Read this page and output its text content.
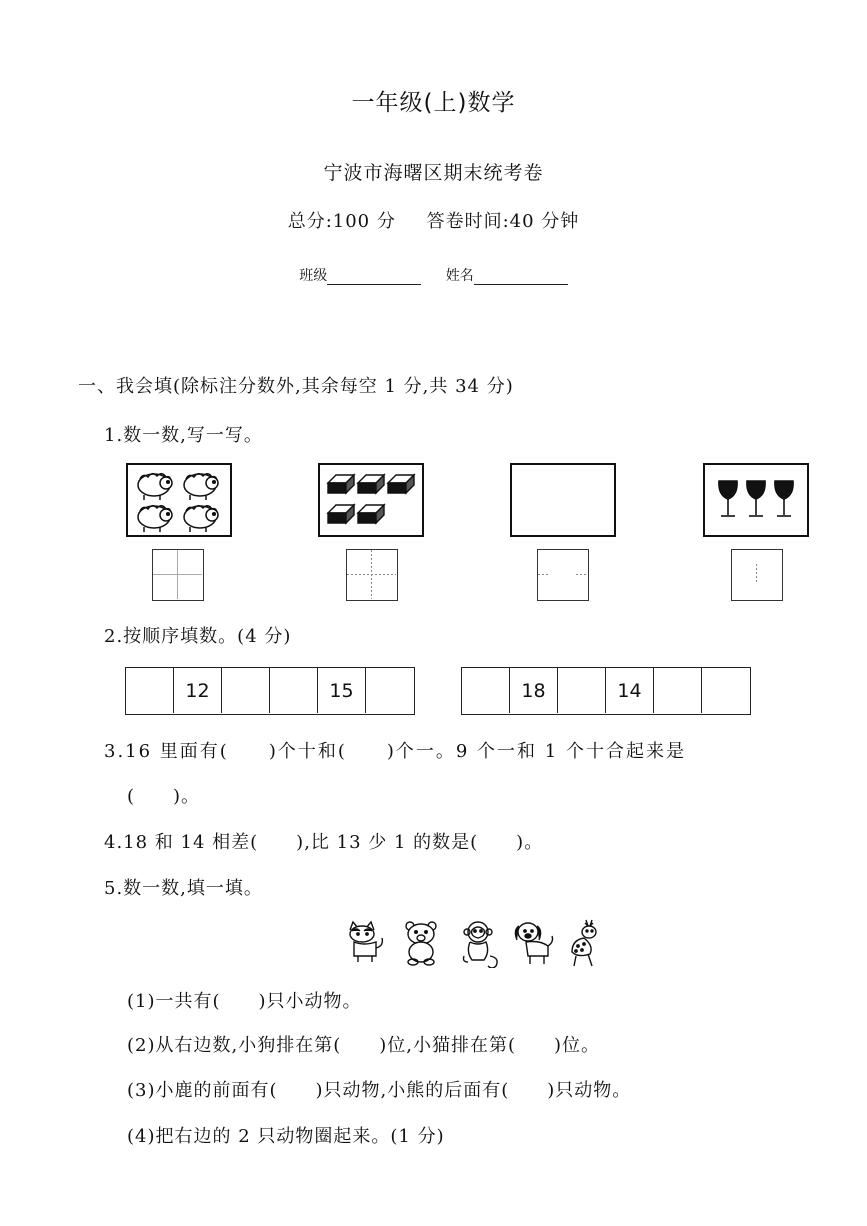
一年级(上)数学
宁波市海曙区期末统考卷
总分:100 分 答卷时间:40 分钟
班级	姓名
一、我会填(除标注分数外,其余每空 1 分,共 34 分)
1.数一数,写一写。
2.按顺序填数。(4 分)
12	15	18	14
3.16 里面有(　　)个十和(　　)个一。9 个一和 1 个十合起来是
(　　)。
4.18 和 14 相差(　　),比 13 少 1 的数是(　　)。
5.数一数,填一填。
(1)一共有(　　)只小动物。
(2)从右边数,小狗排在第(　　)位,小猫排在第(　　)位。
(3)小鹿的前面有(　　)只动物,小熊的后面有(　　)只动物。
(4)把右边的 2 只动物圈起来。(1 分)
